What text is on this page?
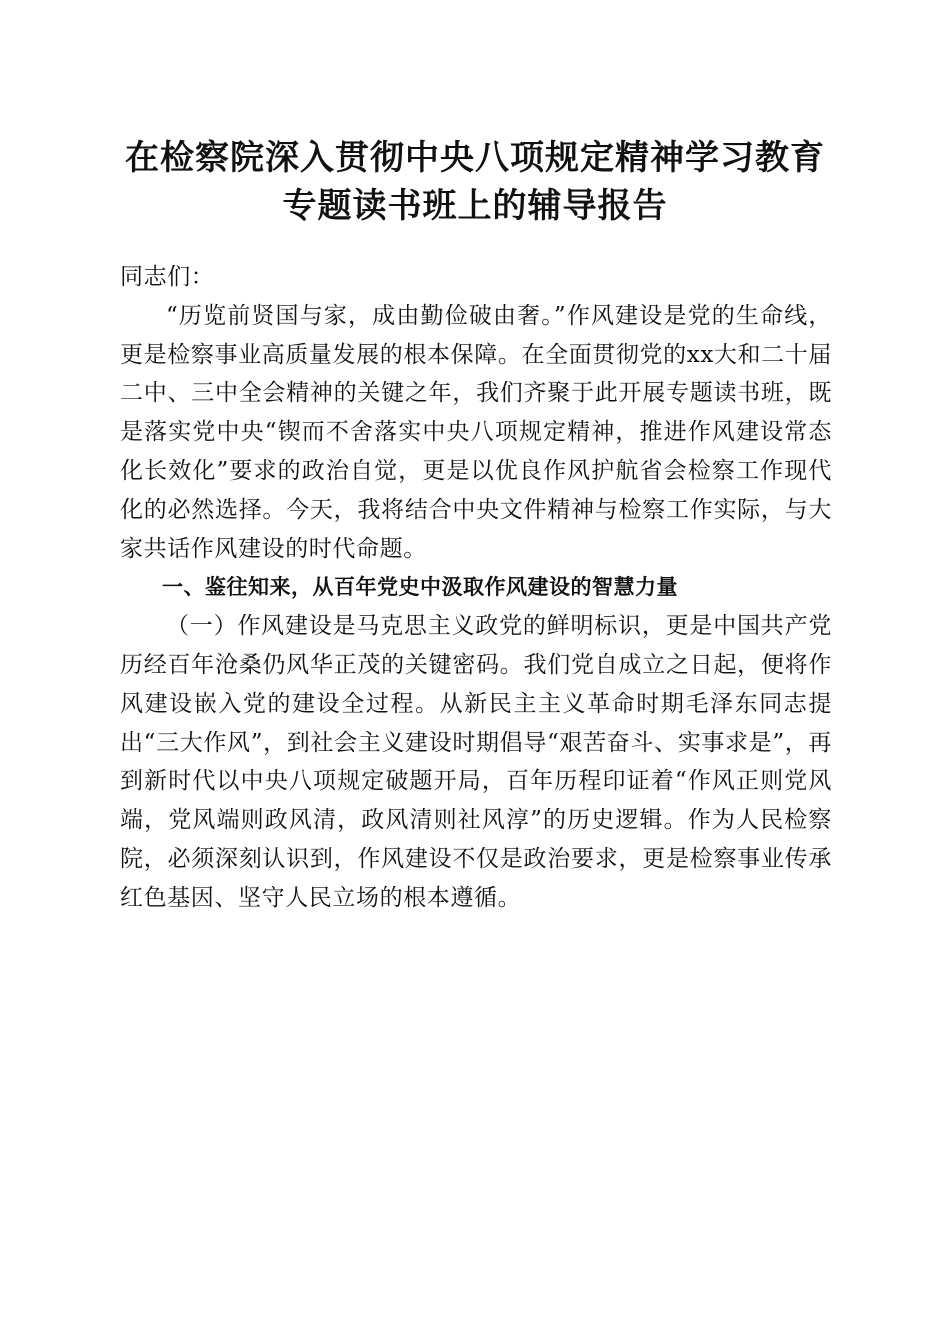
在检察院深入贯彻中央八项规定精神学习教育
专题读书班上的辅导报告

同志们：

“历览前贤国与家，成由勤俭破由奢。”作风建设是党的生命线，更是检察事业高质量发展的根本保障。在全面贯彻党的xx大和二十届二中、三中全会精神的关键之年，我们齐聚于此开展专题读书班，既是落实党中央“锲而不舍落实中央八项规定精神，推进作风建设常态化长效化”要求的政治自觉，更是以优良作风护航省会检察工作现代化的必然选择。今天，我将结合中央文件精神与检察工作实际，与大家共话作风建设的时代命题。

一、鉴往知来，从百年党史中汲取作风建设的智慧力量

（一）作风建设是马克思主义政党的鲜明标识，更是中国共产党历经百年沧桑仍风华正茂的关键密码。我们党自成立之日起，便将作风建设嵌入党的建设全过程。从新民主主义革命时期毛泽东同志提出“三大作风”，到社会主义建设时期倡导“艰苦奋斗、实事求是”，再到新时代以中央八项规定破题开局，百年历程印证着“作风正则党风端，党风端则政风清，政风清则社风淳”的历史逻辑。作为人民检察院，必须深刻认识到，作风建设不仅是政治要求，更是检察事业传承红色基因、坚守人民立场的根本遵循。
